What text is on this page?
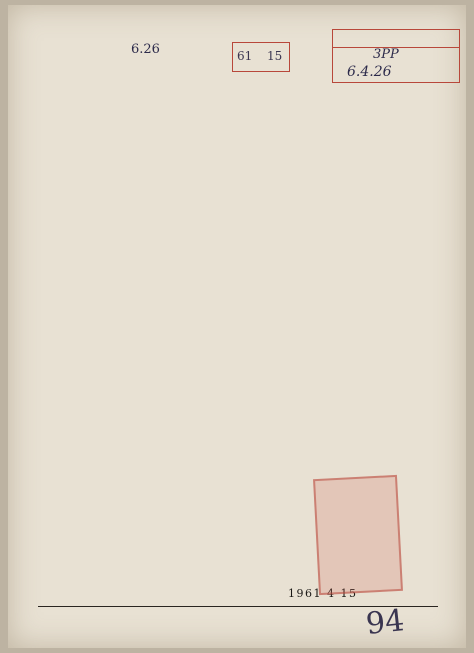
6.26	61 15	3PP
6.4.26
1961 4 15
94
